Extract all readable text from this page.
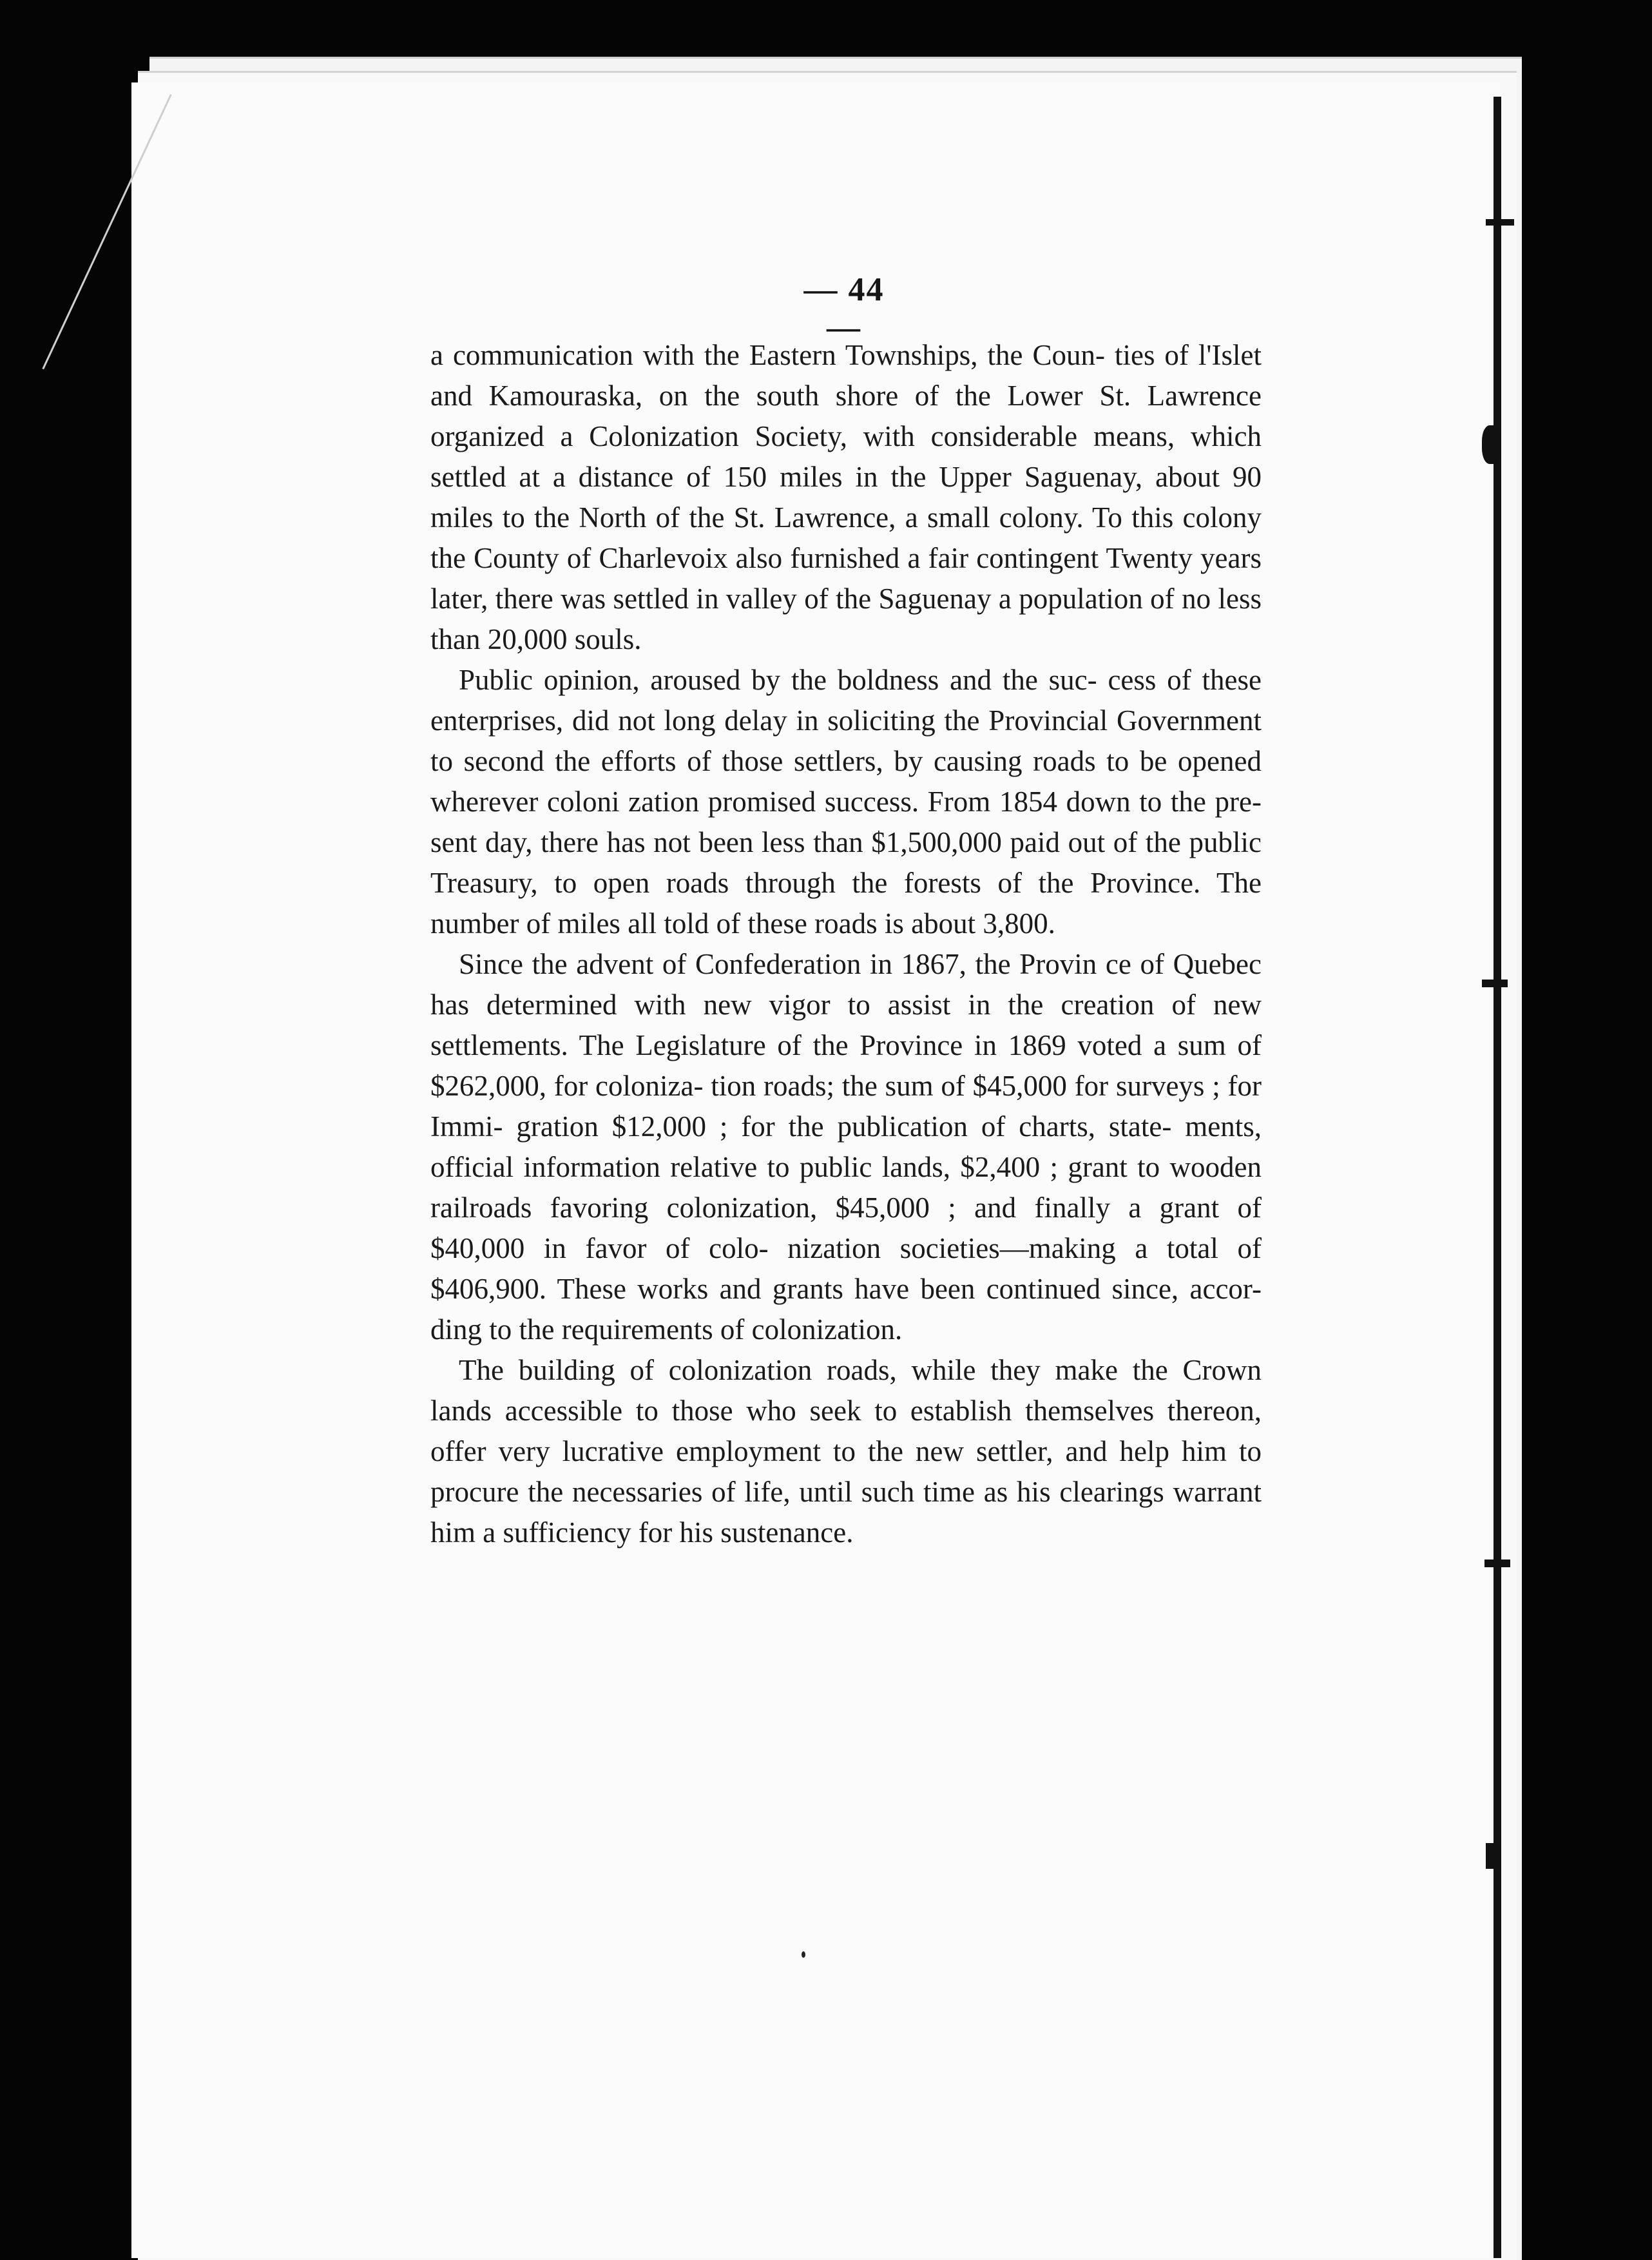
— 44 —

a communication with the Eastern Townships, the Coun- ties of l'Islet and Kamouraska, on the south shore of the Lower St. Lawrence organized a Colonization Society, with considerable means, which settled at a distance of 150 miles in the Upper Saguenay, about 90 miles to the North of the St. Lawrence, a small colony. To this colony the County of Charlevoix also furnished a fair contingent Twenty years later, there was settled in valley of the Saguenay a population of no less than 20,000 souls.

Public opinion, aroused by the boldness and the suc- cess of these enterprises, did not long delay in soliciting the Provincial Government to second the efforts of those settlers, by causing roads to be opened wherever coloni zation promised success. From 1854 down to the pre- sent day, there has not been less than $1,500,000 paid out of the public Treasury, to open roads through the forests of the Province. The number of miles all told of these roads is about 3,800.

Since the advent of Confederation in 1867, the Provin ce of Quebec has determined with new vigor to assist in the creation of new settlements. The Legislature of the Province in 1869 voted a sum of $262,000, for coloniza- tion roads; the sum of $45,000 for surveys ; for Immi- gration $12,000 ; for the publication of charts, state- ments, official information relative to public lands, $2,400 ; grant to wooden railroads favoring colonization, $45,000 ; and finally a grant of $40,000 in favor of colo- nization societies—making a total of $406,900. These works and grants have been continued since, accor- ding to the requirements of colonization.

The building of colonization roads, while they make the Crown lands accessible to those who seek to establish themselves thereon, offer very lucrative employment to the new settler, and help him to procure the necessaries of life, until such time as his clearings warrant him a sufficiency for his sustenance.
